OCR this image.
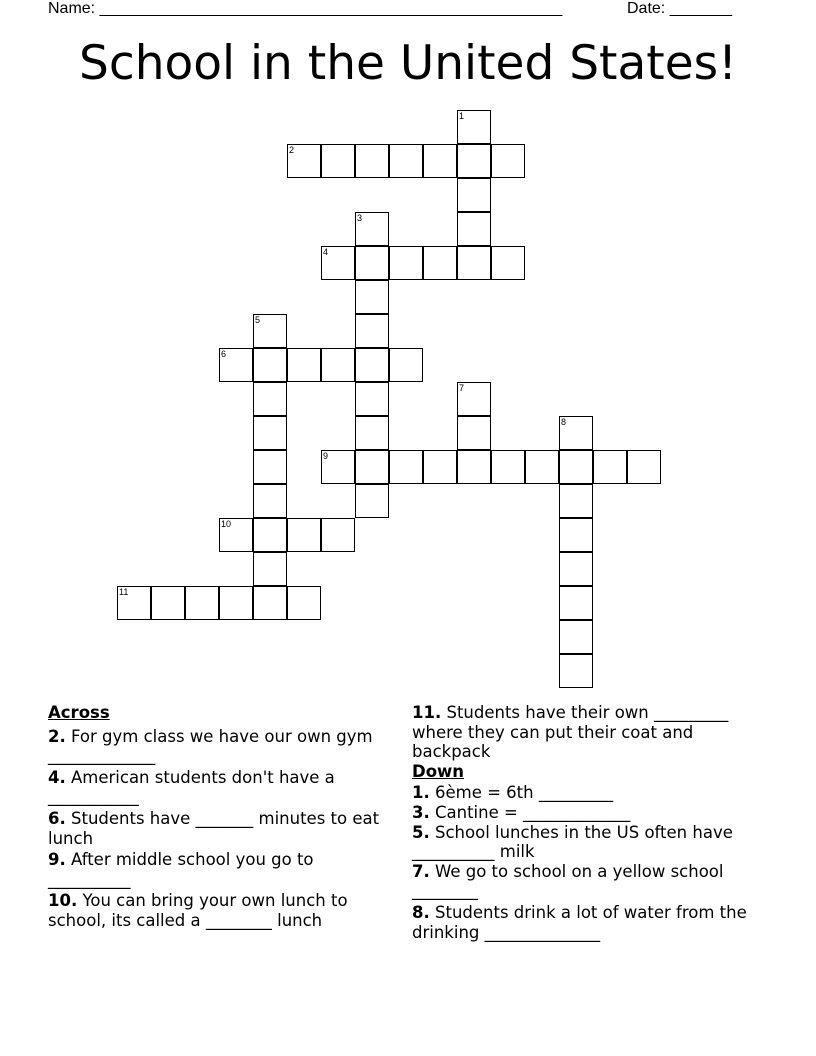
Name: ____________________________________________________	Date: _______
School in the United States!
1
2
3
4
5
6
7
8
9
10
11
Across
2. For gym class we have our own gym _____________
4. American students don't have a ___________
6. Students have _______ minutes to eat lunch
9. After middle school you go to __________
10. You can bring your own lunch to school, its called a ________ lunch
11. Students have their own _________ where they can put their coat and backpack
Down
1. 6ème = 6th _________
3. Cantine = _____________
5. School lunches in the US often have __________ milk
7. We go to school on a yellow school ________
8. Students drink a lot of water from the drinking ______________
